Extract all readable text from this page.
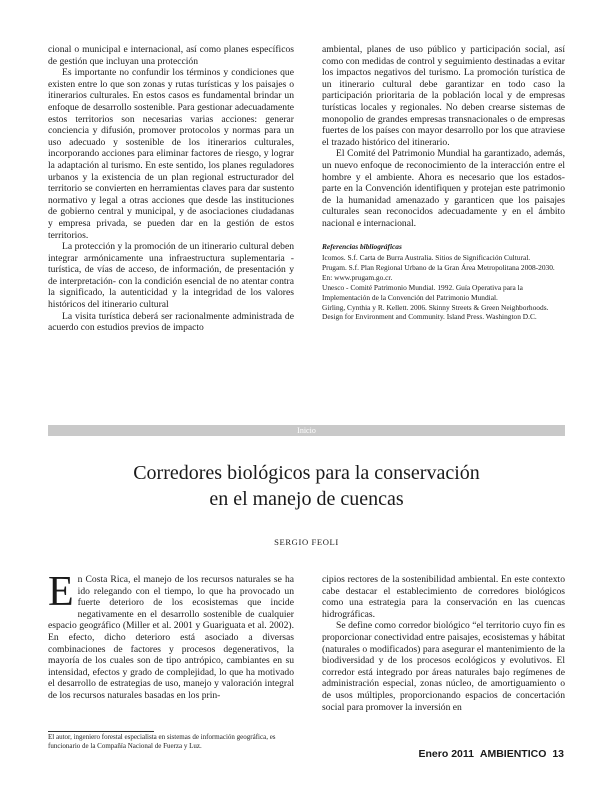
cional o municipal e internacional, así como planes específicos de gestión que incluyan una protección

Es importante no confundir los términos y condiciones que existen entre lo que son zonas y rutas turísticas y los paisajes o itinerarios culturales. En estos casos es fundamental brindar un enfoque de desarrollo sostenible. Para gestionar adecuadamente estos territorios son necesarias varias acciones: generar conciencia y difusión, promover protocolos y normas para un uso adecuado y sostenible de los itinerarios culturales, incorporando acciones para eliminar factores de riesgo, y lograr la adaptación al turismo. En este sentido, los planes reguladores urbanos y la existencia de un plan regional estructurador del territorio se convierten en herramientas claves para dar sustento normativo y legal a otras acciones que desde las instituciones de gobierno central y municipal, y de asociaciones ciudadanas y empresa privada, se pueden dar en la gestión de estos territorios.

La protección y la promoción de un itinerario cultural deben integrar armónicamente una infraestructura suplementaria -turística, de vías de acceso, de información, de presentación y de interpretación- con la condición esencial de no atentar contra la significado, la autenticidad y la integridad de los valores históricos del itinerario cultural

La visita turística deberá ser racionalmente administrada de acuerdo con estudios previos de impacto

ambiental, planes de uso público y participación social, así como con medidas de control y seguimiento destinadas a evitar los impactos negativos del turismo. La promoción turística de un itinerario cultural debe garantizar en todo caso la participación prioritaria de la población local y de empresas turísticas locales y regionales. No deben crearse sistemas de monopolio de grandes empresas transnacionales o de empresas fuertes de los países con mayor desarrollo por los que atraviese el trazado histórico del itinerario.

El Comité del Patrimonio Mundial ha garantizado, además, un nuevo enfoque de reconocimiento de la interacción entre el hombre y el ambiente. Ahora es necesario que los estados-parte en la Convención identifiquen y protejan este patrimonio de la humanidad amenazado y garanticen que los paisajes culturales sean reconocidos adecuadamente y en el ámbito nacional e internacional.

Referencias bibliográficas
Icomos. S.f. Carta de Burra Australia. Sitios de Significación Cultural.
Prugam. S.f. Plan Regional Urbano de la Gran Área Metropolitana 2008-2030. En: www.prugam.go.cr.
Unesco - Comité Patrimonio Mundial. 1992. Guía Operativa para la Implementación de la Convención del Patrimonio Mundial.
Girling, Cynthia y R. Kellett. 2006. Skinny Streets & Green Neighborhoods. Design for Environment and Community. Island Press. Washington D.C.
Inicio
Corredores biológicos para la conservación
en el manejo de cuencas
SERGIO FEOLI

En Costa Rica, el manejo de los recursos naturales se ha ido relegando con el tiempo, lo que ha provocado un fuerte deterioro de los ecosistemas que incide negativamente en el desarrollo sostenible de cualquier espacio geográfico (Miller et al. 2001 y Guariguata et al. 2002). En efecto, dicho deterioro está asociado a diversas combinaciones de factores y procesos degenerativos, la mayoría de los cuales son de tipo antrópico, cambiantes en su intensidad, efectos y grado de complejidad, lo que ha motivado el desarrollo de estrategias de uso, manejo y valoración integral de los recursos naturales basadas en los prin-

cipios rectores de la sostenibilidad ambiental. En este contexto cabe destacar el establecimiento de corredores biológicos como una estrategia para la conservación en las cuencas hidrográficas.

Se define como corredor biológico “el territorio cuyo fin es proporcionar conectividad entre paisajes, ecosistemas y hábitat (naturales o modificados) para asegurar el mantenimiento de la biodiversidad y de los procesos ecológicos y evolutivos. El corredor está integrado por áreas naturales bajo regímenes de administración especial, zonas núcleo, de amortiguamiento o de usos múltiples, proporcionando espacios de concertación social para promover la inversión en

El autor, ingeniero forestal especialista en sistemas de información geográfica, es funcionario de la Compañía Nacional de Fuerza y Luz.
Enero 2011 AMBIENTICO 13
